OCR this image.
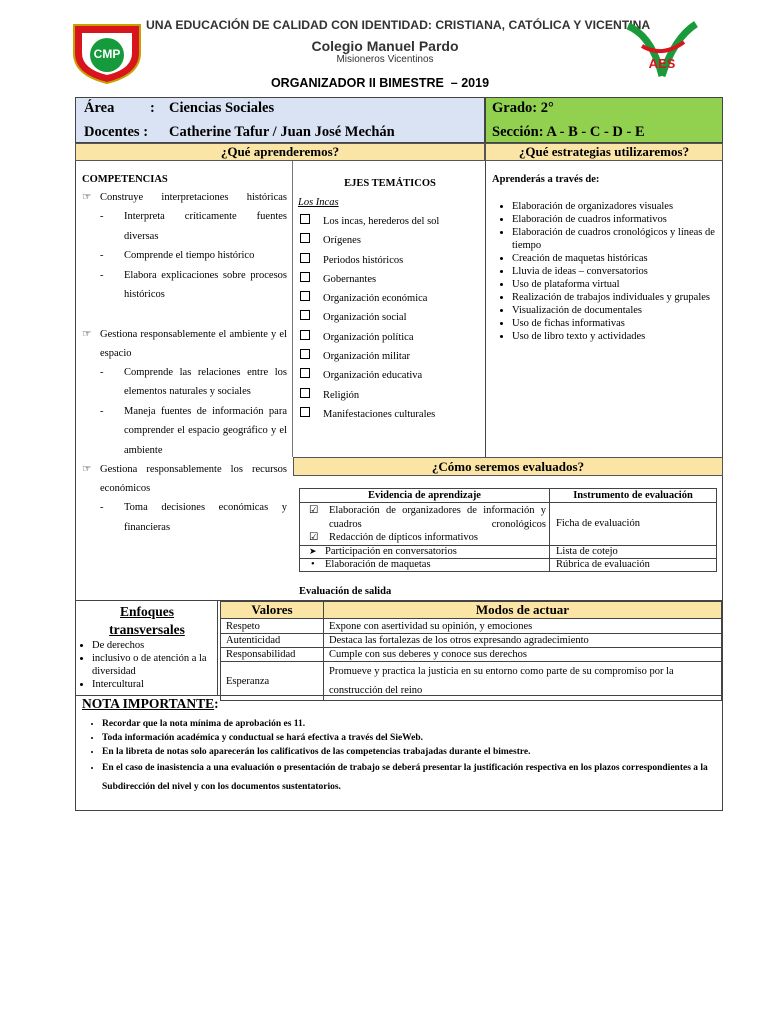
CMP
UNA EDUCACIÓN DE CALIDAD CON IDENTIDAD: CRISTIANA, CATÓLICA Y VICENTINA
Colegio Manuel Pardo
Misioneros Vicentinos	AES
ORGANIZADOR II BIMESTRE  – 2019
Área : Ciencias Sociales
Docentes : Catherine Tafur / Juan José Mechán
Grado: 2°
Sección: A - B - C - D - E
¿Qué aprenderemos?	¿Qué estrategias utilizaremos?
COMPETENCIAS
☞ Construye interpretaciones históricas
- Interpreta críticamente fuentes diversas
- Comprende el tiempo histórico
- Elabora explicaciones sobre procesos históricos
☞ Gestiona responsablemente el ambiente y el espacio
- Comprende las relaciones entre los elementos naturales y sociales
- Maneja fuentes de información para comprender el espacio geográfico y el ambiente
☞ Gestiona responsablemente los recursos económicos
- Toma decisiones económicas y financieras
EJES TEMÁTICOS
Los Incas
Los incas, herederos del sol
Orígenes
Periodos históricos
Gobernantes
Organización económica
Organización social
Organización política
Organización militar
Organización educativa
Religión
Manifestaciones culturales
Aprenderás a través de:
• Elaboración de organizadores visuales
• Elaboración de cuadros informativos
• Elaboración de cuadros cronológicos y líneas de tiempo
• Creación de maquetas históricas
• Lluvia de ideas – conversatorios
• Uso de plataforma virtual
• Realización de trabajos individuales y grupales
• Visualización de documentales
• Uso de fichas informativas
• Uso de libro texto y actividades
¿Cómo seremos evaluados?
Evidencia de aprendizaje	Instrumento de evaluación

☑ Elaboración de organizadores de información y cuadros cronológicos
☑ Redacción de dípticos informativos	Ficha de evaluación
➤ Participación en conversatorios	Lista de cotejo
• Elaboración de maquetas	Rúbrica de evaluación
Evaluación de salida
Enfoques transversales
• De derechos
• inclusivo o de atención a la diversidad
• Intercultural
Valores	Modos de actuar
Respeto	Expone con asertividad su opinión, y emociones
Autenticidad	Destaca las fortalezas de los otros expresando agradecimiento
Responsabilidad	Cumple con sus deberes y conoce sus derechos
Esperanza	Promueve y practica la justicia en su entorno como parte de su compromiso por la construcción del reino
NOTA IMPORTANTE:
• Recordar que la nota mínima de aprobación es 11.
• Toda información académica y conductual se hará efectiva a través del SieWeb.
• En la libreta de notas solo aparecerán los calificativos de las competencias trabajadas durante el bimestre.
• En el caso de inasistencia a una evaluación o presentación de trabajo se deberá presentar la justificación respectiva en los plazos correspondientes a la Subdirección del nivel y con los documentos sustentatorios.
